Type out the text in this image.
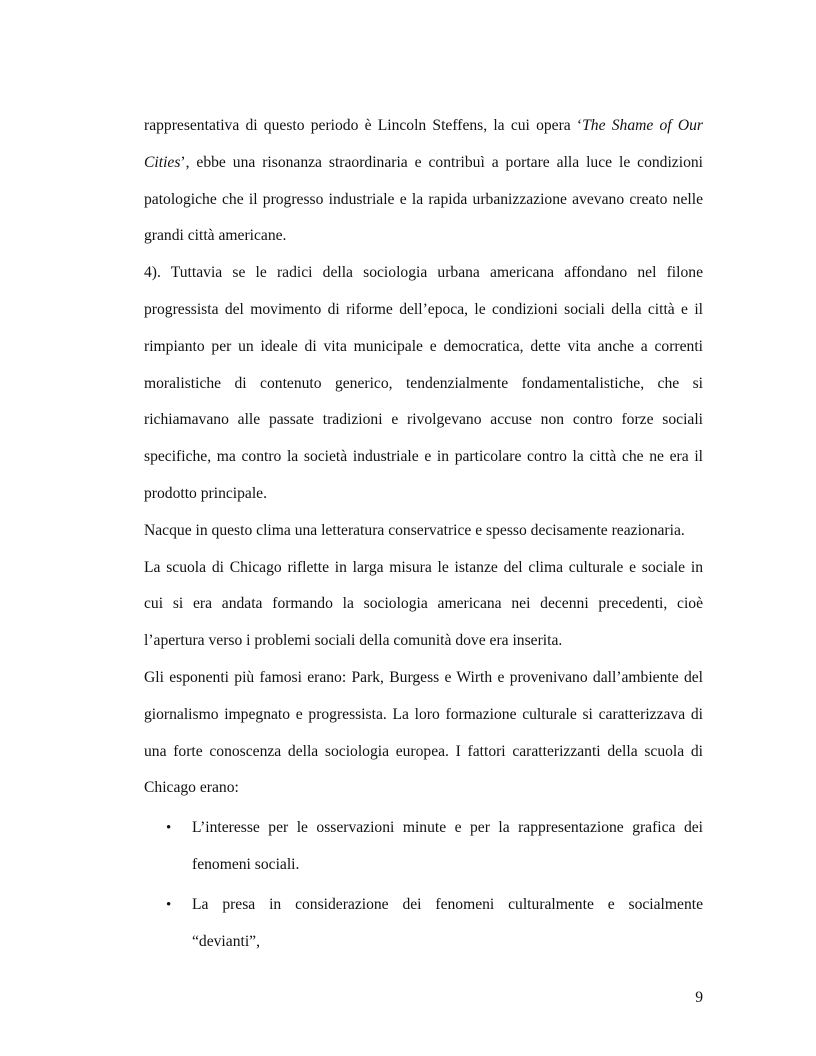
rappresentativa di questo periodo è Lincoln Steffens, la cui opera ‘The Shame of Our
Cities’, ebbe una risonanza straordinaria e contribuì a portare alla luce le condizioni
patologiche che il progresso industriale e la rapida urbanizzazione avevano creato nelle
grandi città americane.
4). Tuttavia se le radici della sociologia urbana americana affondano nel filone
progressista del movimento di riforme dell’epoca, le condizioni sociali della città e il
rimpianto per un ideale di vita municipale e democratica, dette vita anche a correnti
moralistiche di contenuto generico, tendenzialmente fondamentalistiche, che si
richiamavano alle passate tradizioni e rivolgevano accuse non contro forze sociali
specifiche, ma contro la società industriale e in particolare contro la città che ne era il
prodotto principale.
Nacque in questo clima una letteratura conservatrice e spesso decisamente reazionaria.
La scuola di Chicago riflette in larga misura le istanze del clima culturale e sociale in
cui si era andata formando la sociologia americana nei decenni precedenti, cioè
l’apertura verso i problemi sociali della comunità dove era inserita.
Gli esponenti più famosi erano: Park, Burgess e Wirth e provenivano dall’ambiente del
giornalismo impegnato e progressista. La loro formazione culturale si caratterizzava di
una forte conoscenza della sociologia europea. I fattori caratterizzanti della scuola di
Chicago erano:
•	L’interesse per le osservazioni minute e per la rappresentazione grafica dei
fenomeni sociali.
•	La presa in considerazione dei fenomeni culturalmente e socialmente
“devianti”,
9
